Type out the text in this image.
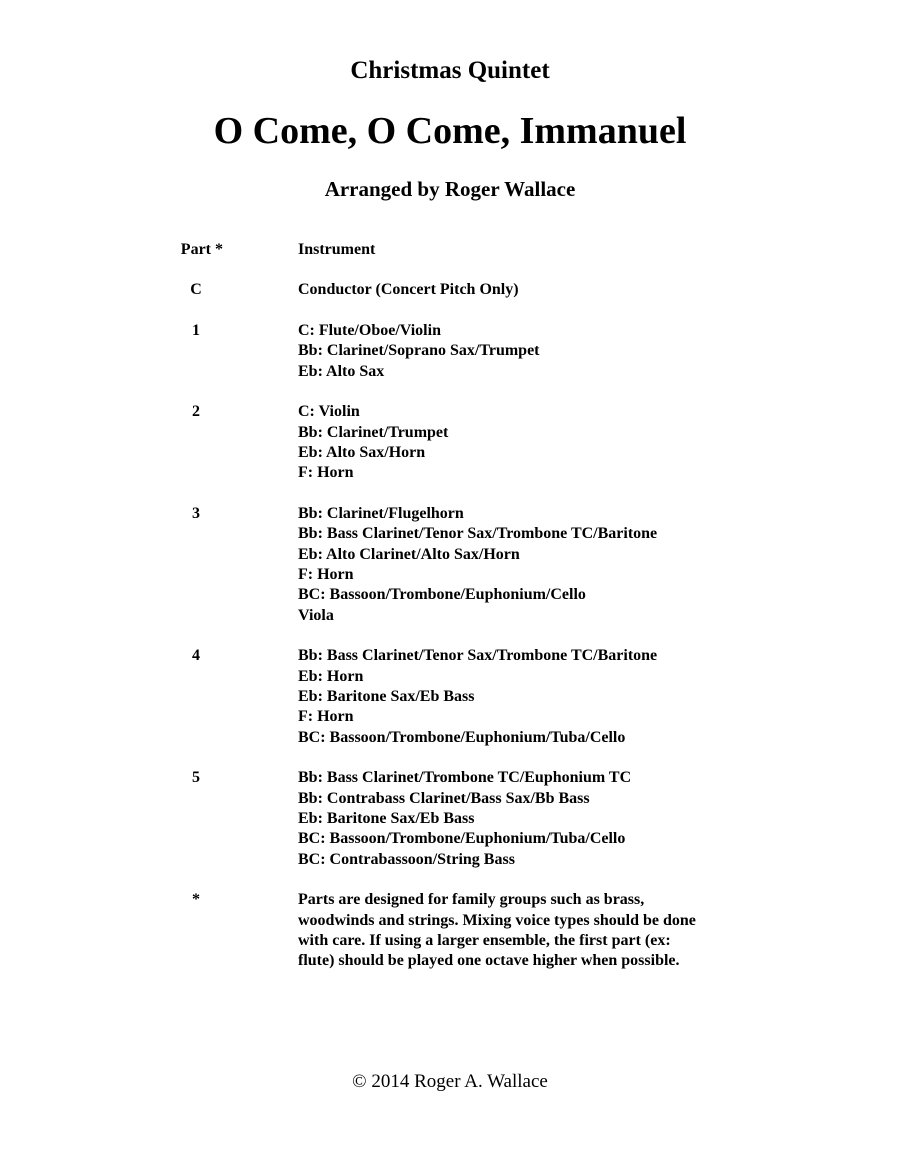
Christmas Quintet
O Come, O Come, Immanuel
Arranged by Roger Wallace
Part *	Instrument
C	Conductor (Concert Pitch Only)
1	C: Flute/Oboe/Violin
Bb: Clarinet/Soprano Sax/Trumpet
Eb: Alto Sax
2	C: Violin
Bb: Clarinet/Trumpet
Eb: Alto Sax/Horn
F: Horn
3	Bb: Clarinet/Flugelhorn
Bb: Bass Clarinet/Tenor Sax/Trombone TC/Baritone
Eb: Alto Clarinet/Alto Sax/Horn
F: Horn
BC: Bassoon/Trombone/Euphonium/Cello
Viola
4	Bb: Bass Clarinet/Tenor Sax/Trombone TC/Baritone
Eb: Horn
Eb: Baritone Sax/Eb Bass
F: Horn
BC: Bassoon/Trombone/Euphonium/Tuba/Cello
5	Bb: Bass Clarinet/Trombone TC/Euphonium TC
Bb: Contrabass Clarinet/Bass Sax/Bb Bass
Eb: Baritone Sax/Eb Bass
BC: Bassoon/Trombone/Euphonium/Tuba/Cello
BC: Contrabassoon/String Bass
*	Parts are designed for family groups such as brass, woodwinds and strings. Mixing voice types should be done with care. If using a larger ensemble, the first part (ex: flute) should be played one octave higher when possible.
© 2014 Roger A. Wallace
